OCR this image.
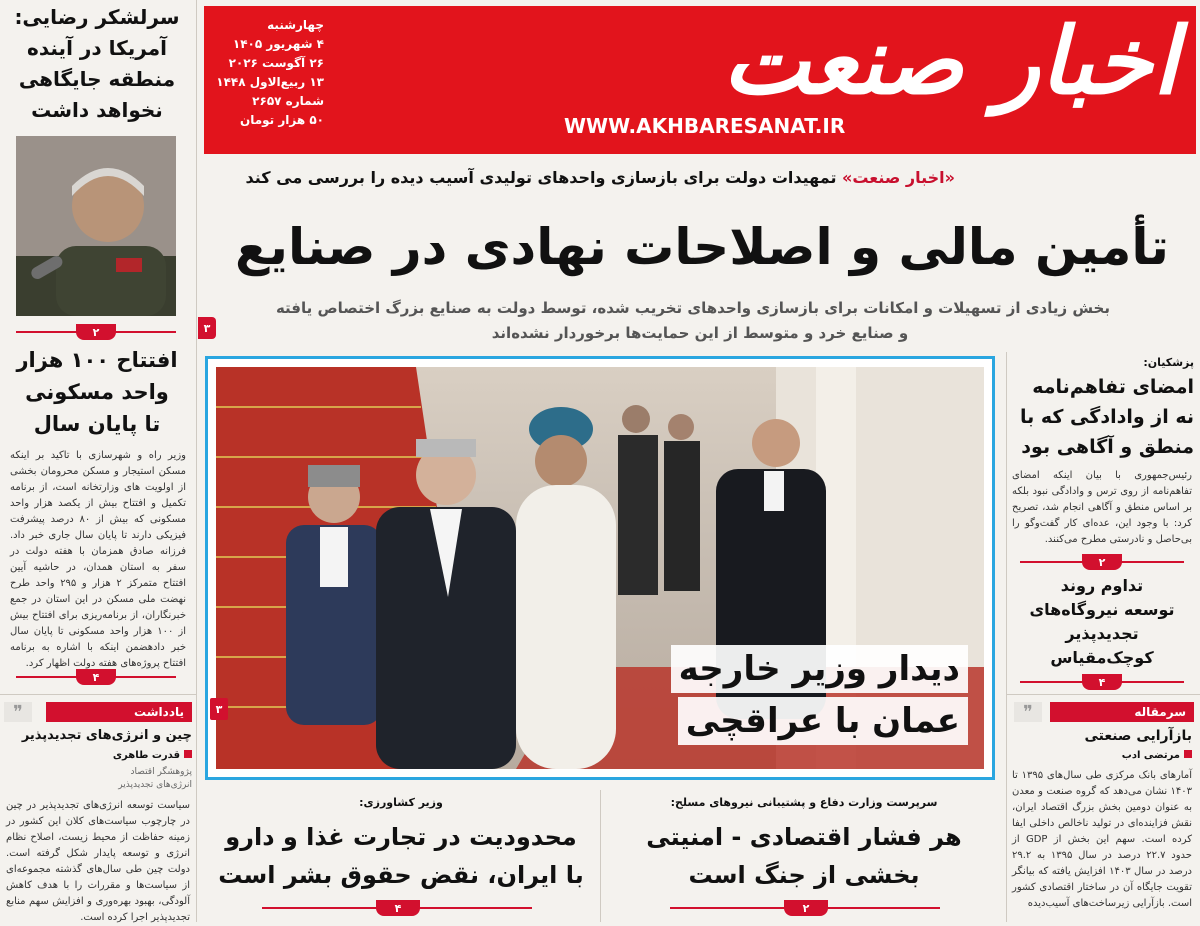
اخبار صنعت
WWW.AKHBARESANAT.IR
چهارشنبه
۴ شهریور ۱۴۰۵
۲۶ آگوست ۲۰۲۶
۱۳ ربیع‌الاول ۱۴۴۸
شماره ۲۶۵۷
۵۰ هزار تومان
«اخبار صنعت» تمهیدات دولت برای بازسازی واحدهای تولیدی آسیب دیده را بررسی می کند
تأمین مالی و اصلاحات نهادی در صنایع
بخش زیادی از تسهیلات و امکانات برای بازسازی واحدهای تخریب شده، توسط دولت به صنایع بزرگ اختصاص یافته
و صنایع خرد و متوسط از این حمایت‌ها برخوردار نشده‌اند
۳
دیدار وزیر خارجه
عمان با عراقچی
۳
سرلشکر رضایی:
آمریکا در آینده
منطقه جایگاهی
نخواهد داشت
۲
افتتاح ۱۰۰ هزار
واحد مسکونی
تا پایان سال
وزیر راه و شهرسازی با تاکید بر اینکه مسکن استیجار و مسکن محرومان بخشی از اولویت های وزارتخانه است، از برنامه تکمیل و افتتاح بیش از یکصد هزار واحد مسکونی که بیش از ۸۰ درصد پیشرفت فیزیکی دارند تا پایان سال جاری خبر داد. فرزانه صادق همزمان با هفته دولت در سفر به استان همدان، در حاشیه آیین افتتاح متمرکز ۲ هزار و ۲۹۵ واحد طرح نهضت ملی مسکن در این استان در جمع خبرنگاران، از برنامه‌ریزی برای افتتاح بیش از ۱۰۰ هزار واحد مسکونی تا پایان سال خبر دادهضمن اینکه با اشاره به برنامه افتتاح پروژه‌های هفته دولت اظهار کرد.
۴
یادداشت
❞
چین و انرژی‌های تجدیدپذیر
قدرت طاهری
پژوهشگر اقتصاد
انرژی‌های تجدیدپذیر
سیاست توسعه انرژی‌های تجدیدپذیر در چین در چارچوب سیاست‌های کلان این کشور در زمینه حفاظت از محیط زیست، اصلاح نظام انرژی و توسعه پایدار شکل گرفته است. دولت چین طی سال‌های گذشته مجموعه‌ای از سیاست‌ها و مقررات را با هدف کاهش آلودگی، بهبود بهره‌وری و افزایش سهم منابع تجدیدپذیر اجرا کرده است.
پزشکیان:
امضای تفاهم‌نامه
نه از وادادگی که با
منطق و آگاهی بود
رئیس‌جمهوری با بیان اینکه امضای تفاهم‌نامه از روی ترس و وادادگی نبود بلکه بر اساس منطق و آگاهی انجام شد، تصریح کرد: با وجود این، عده‌ای کار گفت‌وگو را بی‌حاصل و نادرستی مطرح می‌کنند.
۲
تداوم روند
توسعه نیروگاه‌های
تجدیدپذیر
کوچک‌مقیاس
۴
سرمقاله
❞
بازآرایی صنعتی
مرتضی ادب
آمارهای بانک مرکزی طی سال‌های ۱۳۹۵ تا ۱۴۰۳ نشان می‌دهد که گروه صنعت و معدن به عنوان دومین بخش بزرگ اقتصاد ایران، نقش فزاینده‌ای در تولید ناخالص داخلی ایفا کرده است. سهم این بخش از GDP از حدود ۲۲.۷ درصد در سال ۱۳۹۵ به ۲۹.۲ درصد در سال ۱۴۰۳ افزایش یافته که بیانگر تقویت جایگاه آن در ساختار اقتصادی کشور است. بازآرایی زیرساخت‌های آسیب‌دیده
سرپرست وزارت دفاع و پشتیبانی نیروهای مسلح:
هر فشار اقتصادی - امنیتی
بخشی از جنگ است
۲
وزیر کشاورزی:
محدودیت در تجارت غذا و دارو
با ایران، نقض حقوق بشر است
۴
